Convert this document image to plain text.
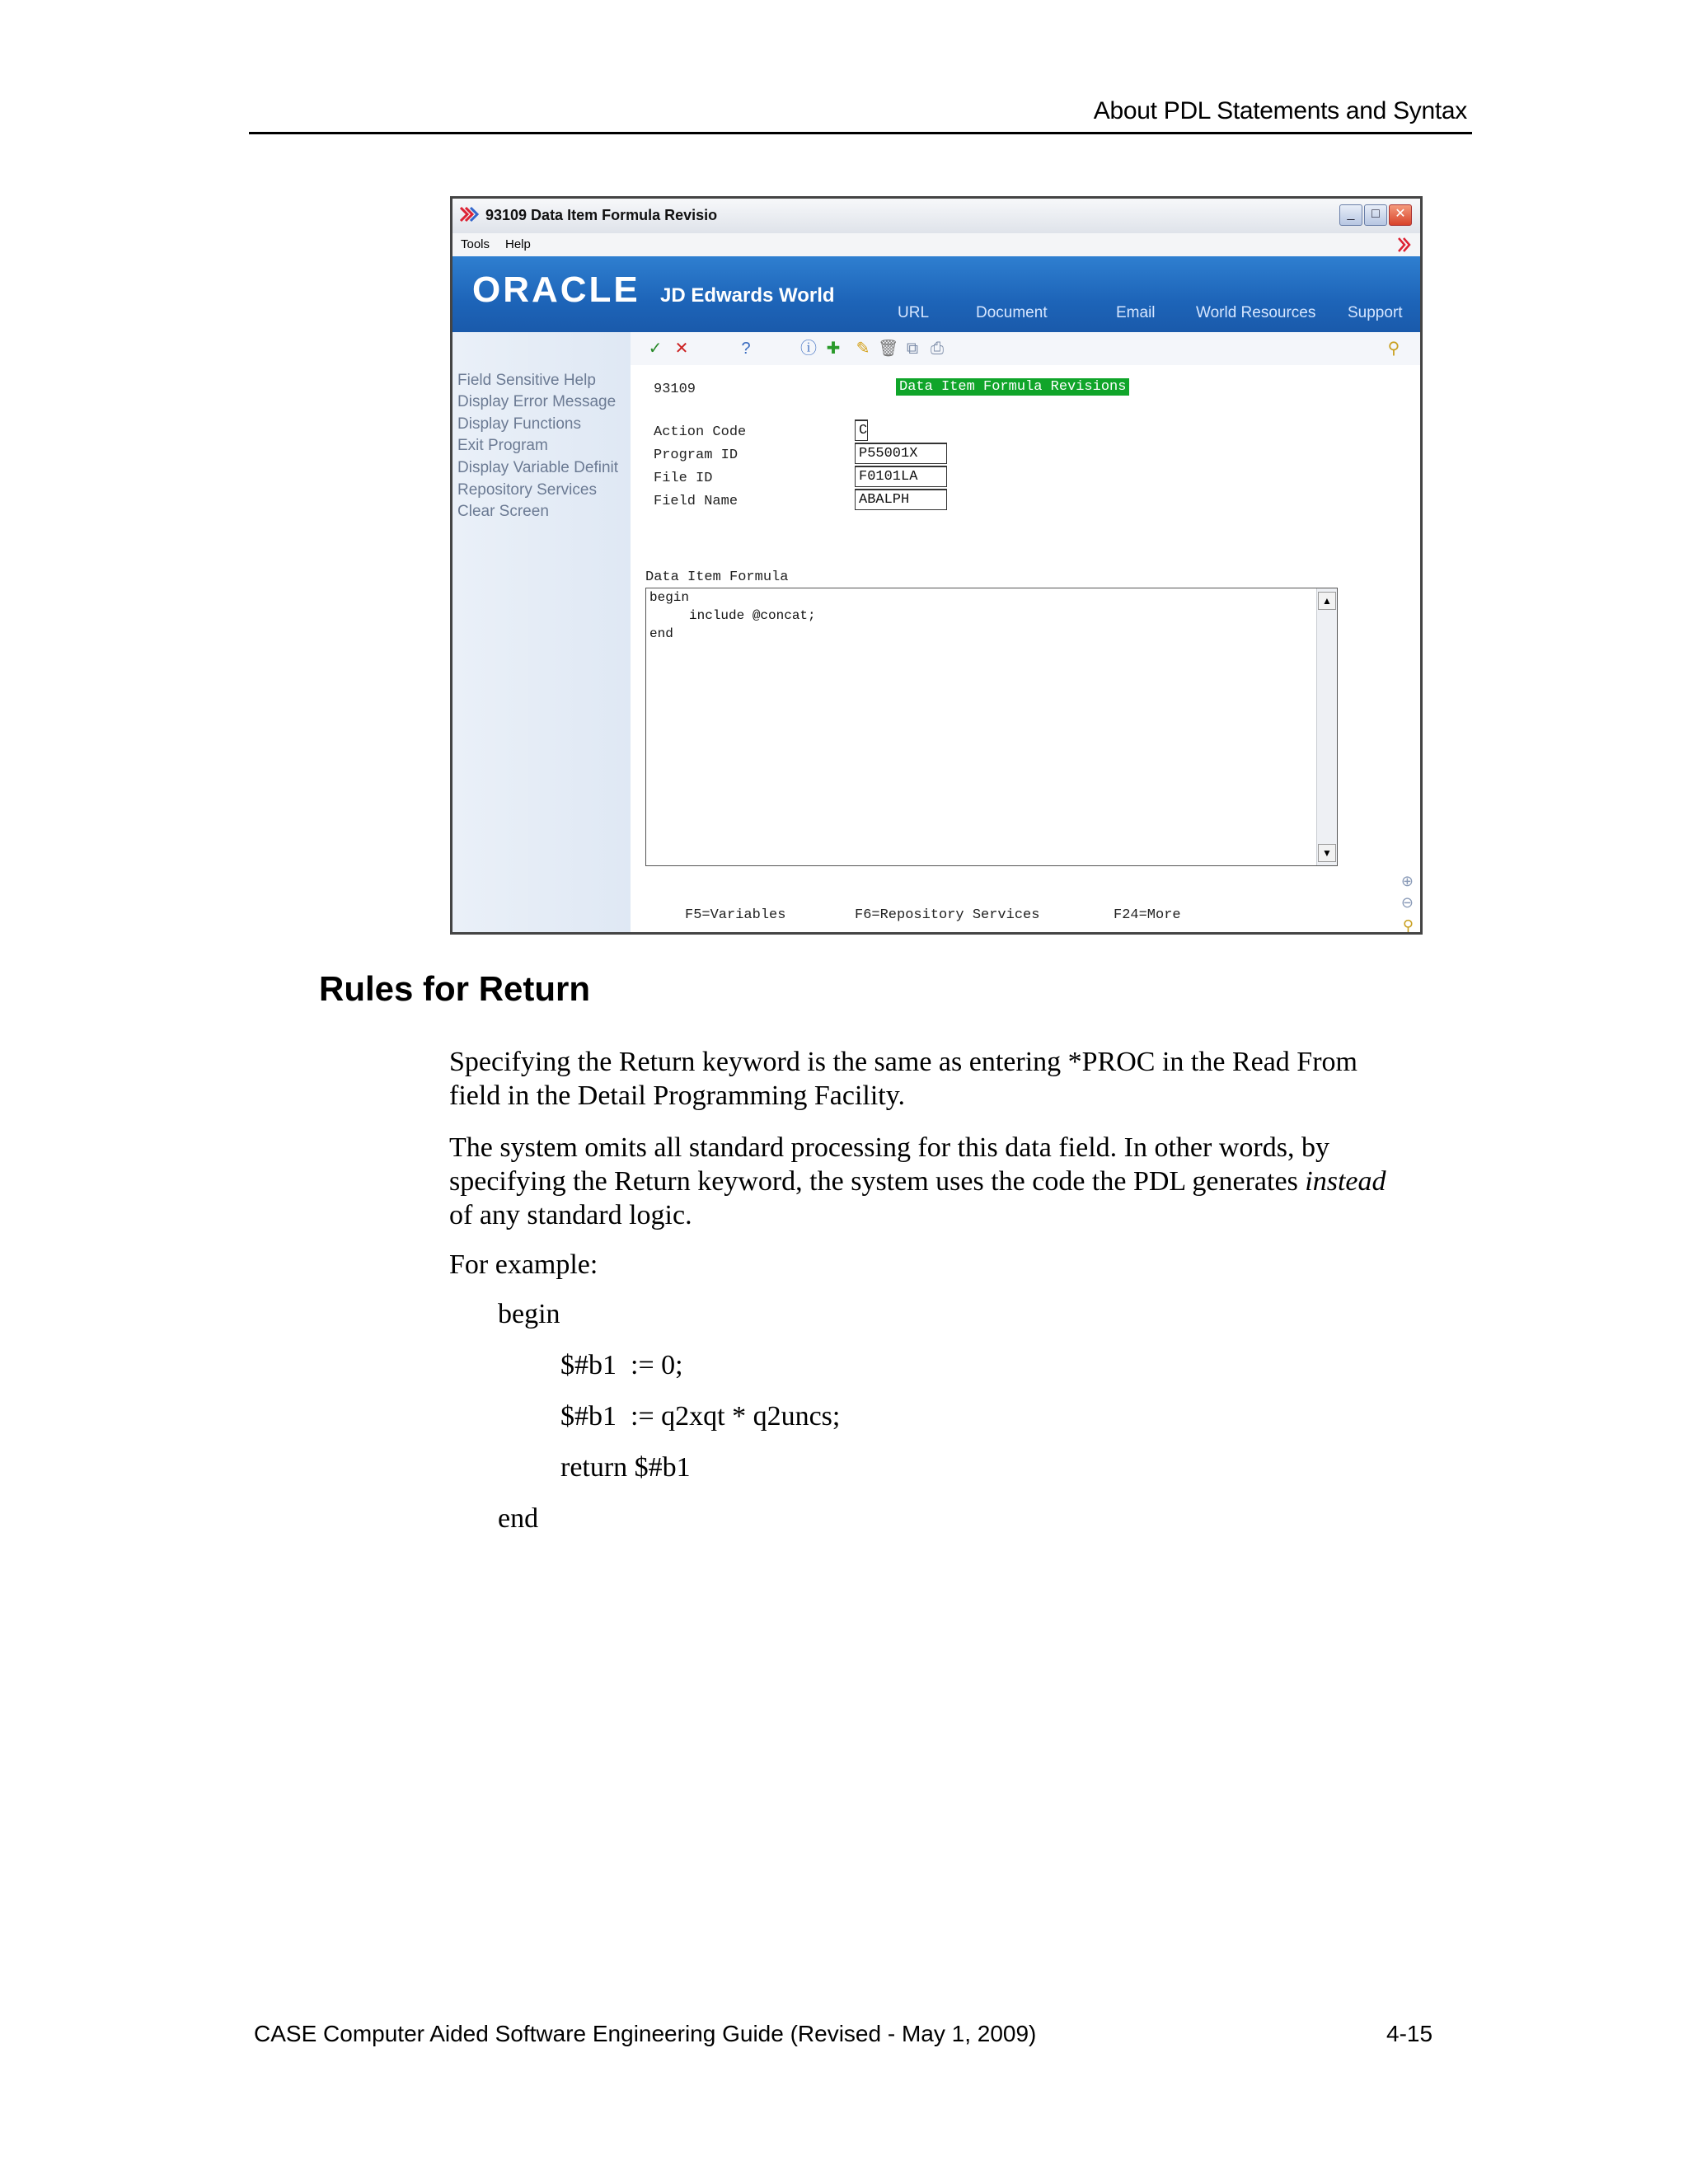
About PDL Statements and Syntax
93109 Data Item Formula Revisio	_	□	✕
Tools Help
ORACLE JD Edwards World
URL	Document	Email	World Resources Support
Field Sensitive Help
Display Error Message
Display Functions
Exit Program
Display Variable Definit
Repository Services
Clear Screen
✓ ✕	?	ⓘ ✚ ✎ 🗑 ⧉ ⎙	⚲
93109	Data Item Formula Revisions
Action Code	C
Program ID	P55001X
File ID	F0101LA
Field Name	ABALPH
Data Item Formula
begin
include @concat;
end
▲
▼
⊕
⊖
⚲
F5=Variables	F6=Repository Services	F24=More
Rules for Return
Specifying the Return keyword is the same as entering *PROC in the Read From
field in the Detail Programming Facility.
The system omits all standard processing for this data field. In other words, by
specifying the Return keyword, the system uses the code the PDL generates instead
of any standard logic.
For example:
begin
$#b1  := 0;
$#b1  := q2xqt * q2uncs;
return $#b1
end
CASE Computer Aided Software Engineering Guide (Revised - May 1, 2009)	4-15
